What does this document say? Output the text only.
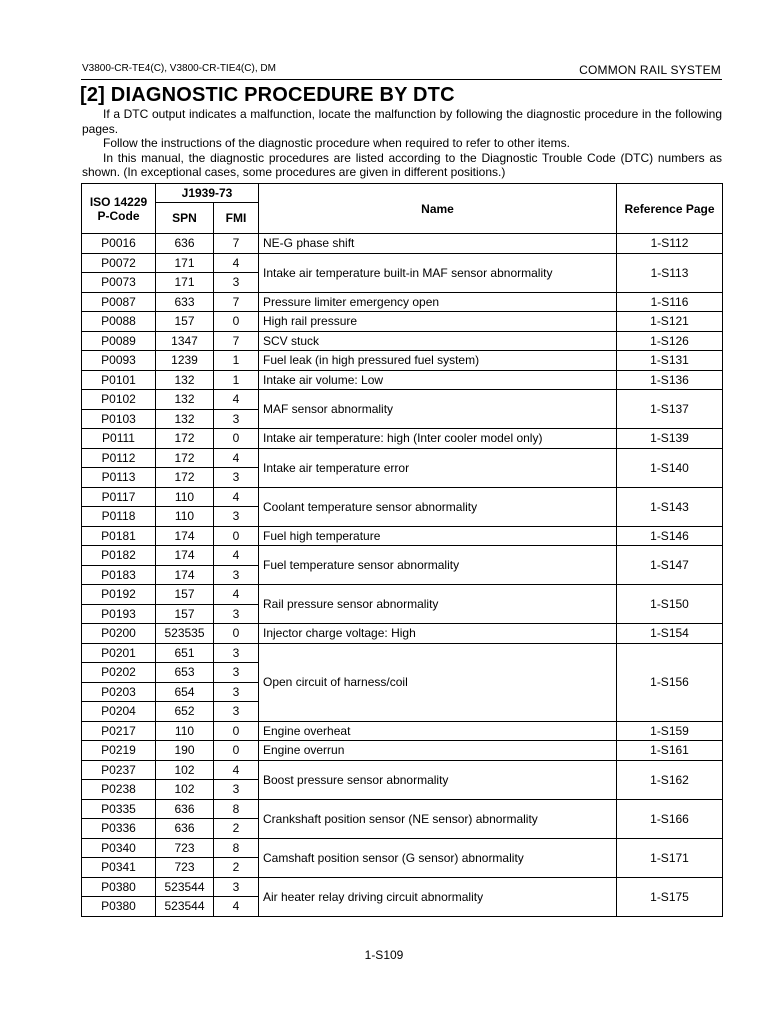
V3800-CR-TE4(C), V3800-CR-TIE4(C), DM	COMMON RAIL SYSTEM
[2] DIAGNOSTIC PROCEDURE BY DTC

If a DTC output indicates a malfunction, locate the malfunction by following the diagnostic procedure in the following pages.

Follow the instructions of the diagnostic procedure when required to refer to other items.

In this manual, the diagnostic procedures are listed according to the Diagnostic Trouble Code (DTC) numbers as shown. (In exceptional cases, some procedures are given in different positions.)

ISO 14229 P-Code	J1939-73		Name	Reference Page
	SPN	FMI		
P0016	636	7	NE-G phase shift	1-S112
P0072	171	4	Intake air temperature built-in MAF sensor abnormality	1-S113
P0073	171	3		
P0087	633	7	Pressure limiter emergency open	1-S116
P0088	157	0	High rail pressure	1-S121
P0089	1347	7	SCV stuck	1-S126
P0093	1239	1	Fuel leak (in high pressured fuel system)	1-S131
P0101	132	1	Intake air volume: Low	1-S136
P0102	132	4	MAF sensor abnormality	1-S137
P0103	132	3		
P0111	172	0	Intake air temperature: high (Inter cooler model only)	1-S139
P0112	172	4	Intake air temperature error	1-S140
P0113	172	3		
P0117	110	4	Coolant temperature sensor abnormality	1-S143
P0118	110	3		
P0181	174	0	Fuel high temperature	1-S146
P0182	174	4	Fuel temperature sensor abnormality	1-S147
P0183	174	3		
P0192	157	4	Rail pressure sensor abnormality	1-S150
P0193	157	3		
P0200	523535	0	Injector charge voltage: High	1-S154
P0201	651	3	Open circuit of harness/coil	1-S156
P0202	653	3		
P0203	654	3		
P0204	652	3		
P0217	110	0	Engine overheat	1-S159
P0219	190	0	Engine overrun	1-S161
P0237	102	4	Boost pressure sensor abnormality	1-S162
P0238	102	3		
P0335	636	8	Crankshaft position sensor (NE sensor) abnormality	1-S166
P0336	636	2		
P0340	723	8	Camshaft position sensor (G sensor) abnormality	1-S171
P0341	723	2		
P0380	523544	3	Air heater relay driving circuit abnormality	1-S175
P0380	523544	4		
1-S109
